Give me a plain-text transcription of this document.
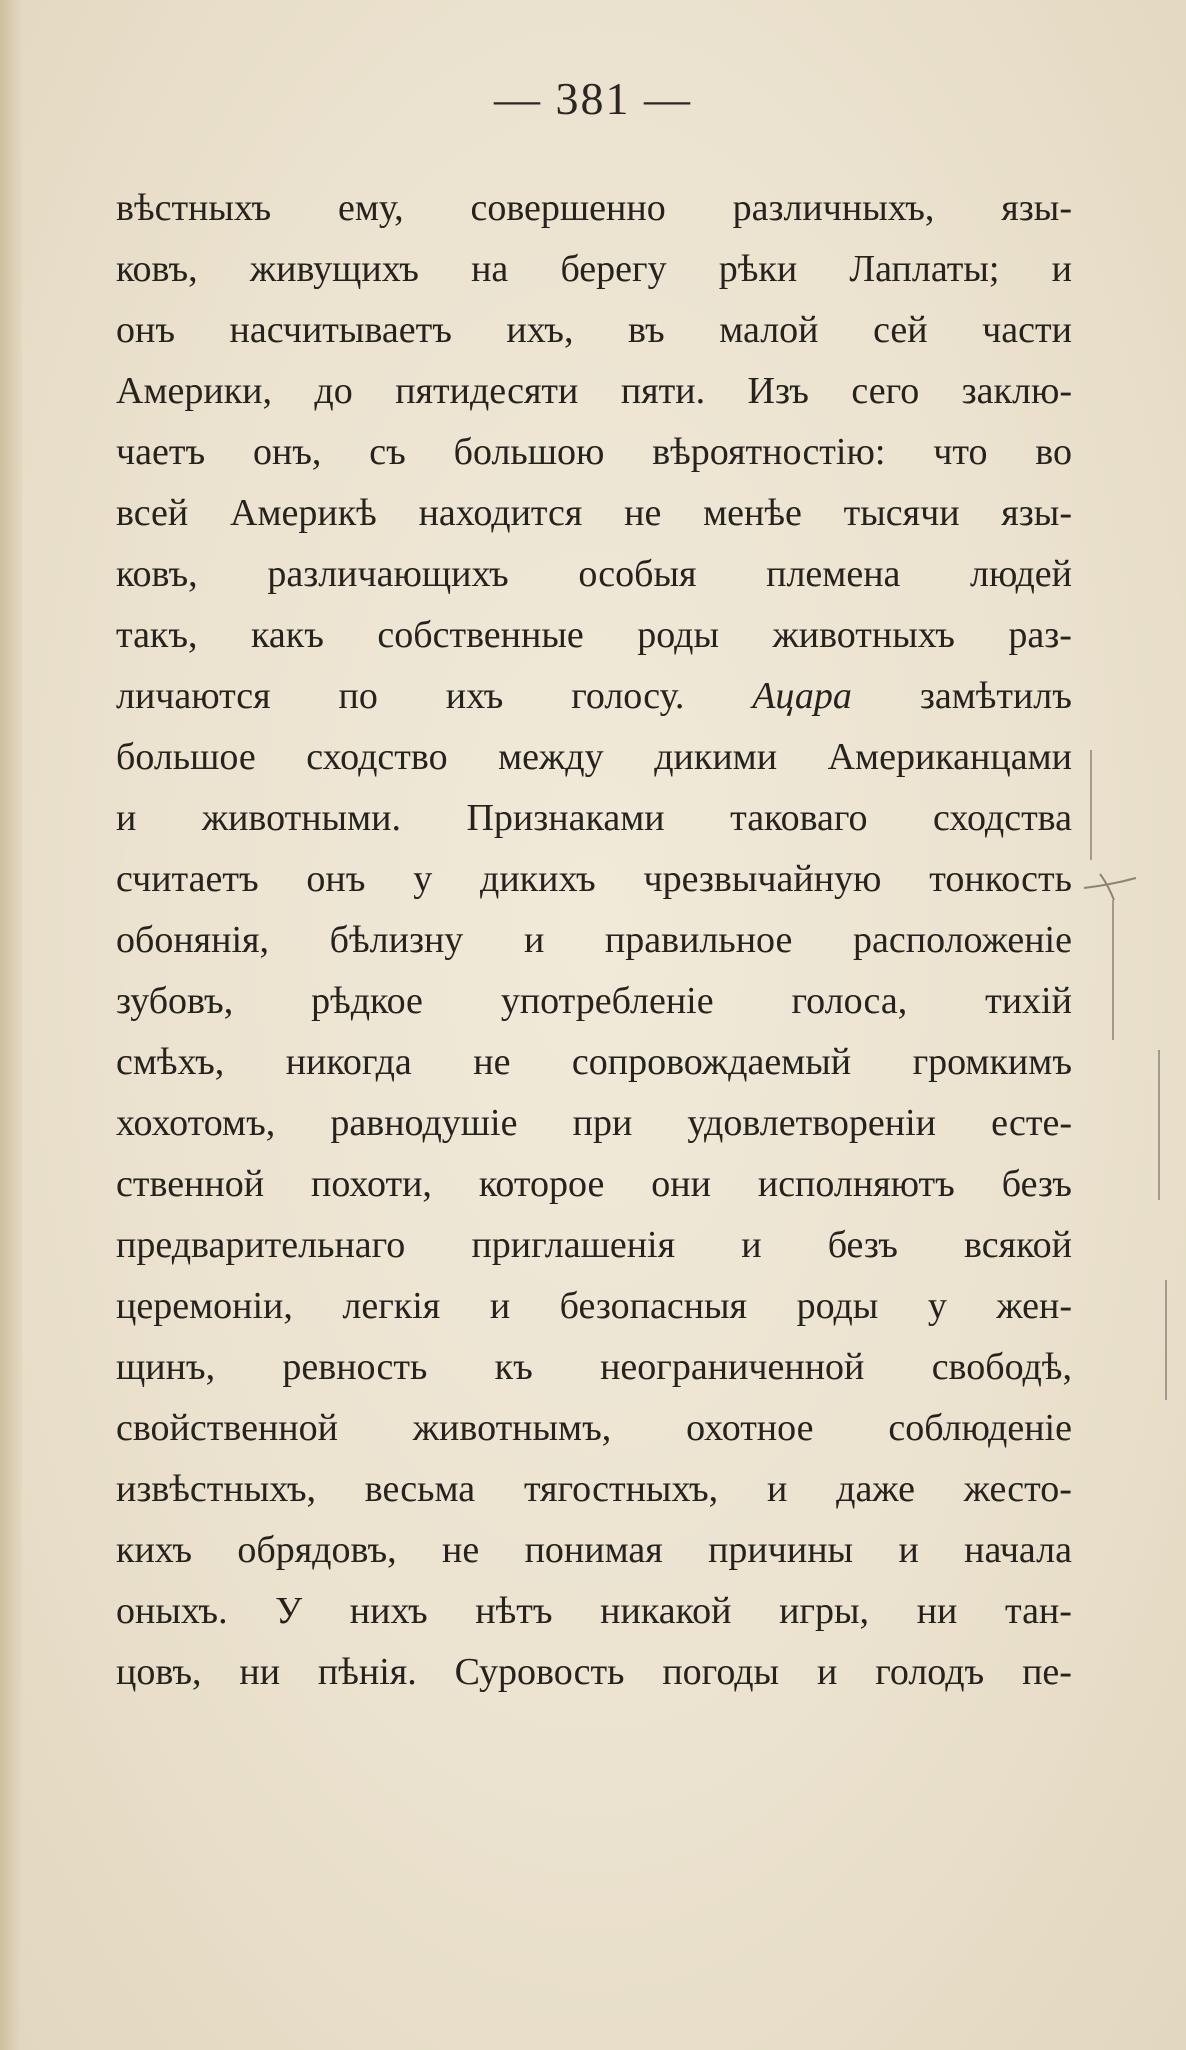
— 381 —
вѣстныхъ ему, совершенно различныхъ, язы-
ковъ, живущихъ на берегу рѣки Лаплаты; и
онъ насчитываетъ ихъ, въ малой сей части
Америки, до пятидесяти пяти. Изъ сего заклю-
чаетъ онъ, съ большою вѣроятностію: что во
всей Америкѣ находится не менѣе тысячи язы-
ковъ, различающихъ особыя племена людей
такъ, какъ собственные роды животныхъ раз-
личаются по ихъ голосу. Ацара замѣтилъ
большое сходство между дикими Американцами
и животными. Признаками таковаго сходства
считаетъ онъ у дикихъ чрезвычайную тонкость
обонянія, бѣлизну и правильное расположеніе
зубовъ, рѣдкое употребленіе голоса, тихій
смѣхъ, никогда не сопровождаемый громкимъ
хохотомъ, равнодушіе при удовлетвореніи есте-
ственной похоти, которое они исполняютъ безъ
предварительнаго приглашенія и безъ всякой
церемоніи, легкія и безопасныя роды у жен-
щинъ, ревность къ неограниченной свободѣ,
свойственной животнымъ, охотное соблюденіе
извѣстныхъ, весьма тягостныхъ, и даже жесто-
кихъ обрядовъ, не понимая причины и начала
оныхъ. У нихъ нѣтъ никакой игры, ни тан-
цовъ, ни пѣнія. Суровость погоды и голодъ пе-
